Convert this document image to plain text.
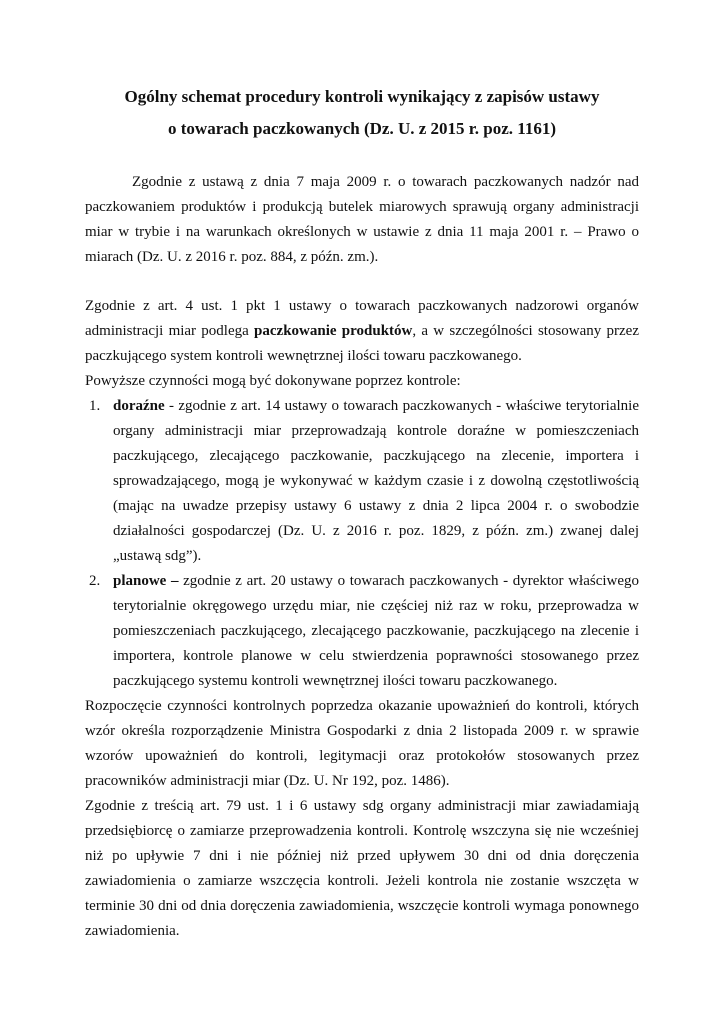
Ogólny schemat procedury kontroli wynikający z zapisów ustawy
o towarach paczkowanych (Dz. U. z 2015 r. poz. 1161)

Zgodnie z ustawą z dnia 7 maja 2009 r. o towarach paczkowanych nadzór nad paczkowaniem produktów i produkcją butelek miarowych sprawują organy administracji miar w trybie i na warunkach określonych w ustawie z dnia 11 maja 2001 r. – Prawo o miarach (Dz. U. z 2016 r. poz. 884, z późn. zm.).

Zgodnie z art. 4 ust. 1 pkt 1 ustawy o towarach paczkowanych nadzorowi organów administracji miar podlega paczkowanie produktów, a w szczególności stosowany przez paczkującego system kontroli wewnętrznej ilości towaru paczkowanego.

Powyższe czynności mogą być dokonywane poprzez kontrole:

1. doraźne - zgodnie z art. 14 ustawy o towarach paczkowanych - właściwe terytorialnie organy administracji miar przeprowadzają kontrole doraźne w pomieszczeniach paczkującego, zlecającego paczkowanie, paczkującego na zlecenie, importera i sprowadzającego, mogą je wykonywać w każdym czasie i z dowolną częstotliwością (mając na uwadze przepisy ustawy 6 ustawy z dnia 2 lipca 2004 r. o swobodzie działalności gospodarczej (Dz. U. z 2016 r. poz. 1829, z późn. zm.) zwanej dalej „ustawą sdg”).
2. planowe – zgodnie z art. 20 ustawy o towarach paczkowanych - dyrektor właściwego terytorialnie okręgowego urzędu miar, nie częściej niż raz w roku, przeprowadza w pomieszczeniach paczkującego, zlecającego paczkowanie, paczkującego na zlecenie i importera, kontrole planowe w celu stwierdzenia poprawności stosowanego przez paczkującego systemu kontroli wewnętrznej ilości towaru paczkowanego.

Rozpoczęcie czynności kontrolnych poprzedza okazanie upoważnień do kontroli, których wzór określa rozporządzenie Ministra Gospodarki z dnia 2 listopada 2009 r. w sprawie wzorów upoważnień do kontroli, legitymacji oraz protokołów stosowanych przez pracowników administracji miar (Dz. U. Nr 192, poz. 1486).

Zgodnie z treścią art. 79 ust. 1 i 6 ustawy sdg organy administracji miar zawiadamiają przedsiębiorcę o zamiarze przeprowadzenia kontroli. Kontrolę wszczyna się nie wcześniej niż po upływie 7 dni i nie później niż przed upływem 30 dni od dnia doręczenia zawiadomienia o zamiarze wszczęcia kontroli. Jeżeli kontrola nie zostanie wszczęta w terminie 30 dni od dnia doręczenia zawiadomienia, wszczęcie kontroli wymaga ponownego zawiadomienia.
